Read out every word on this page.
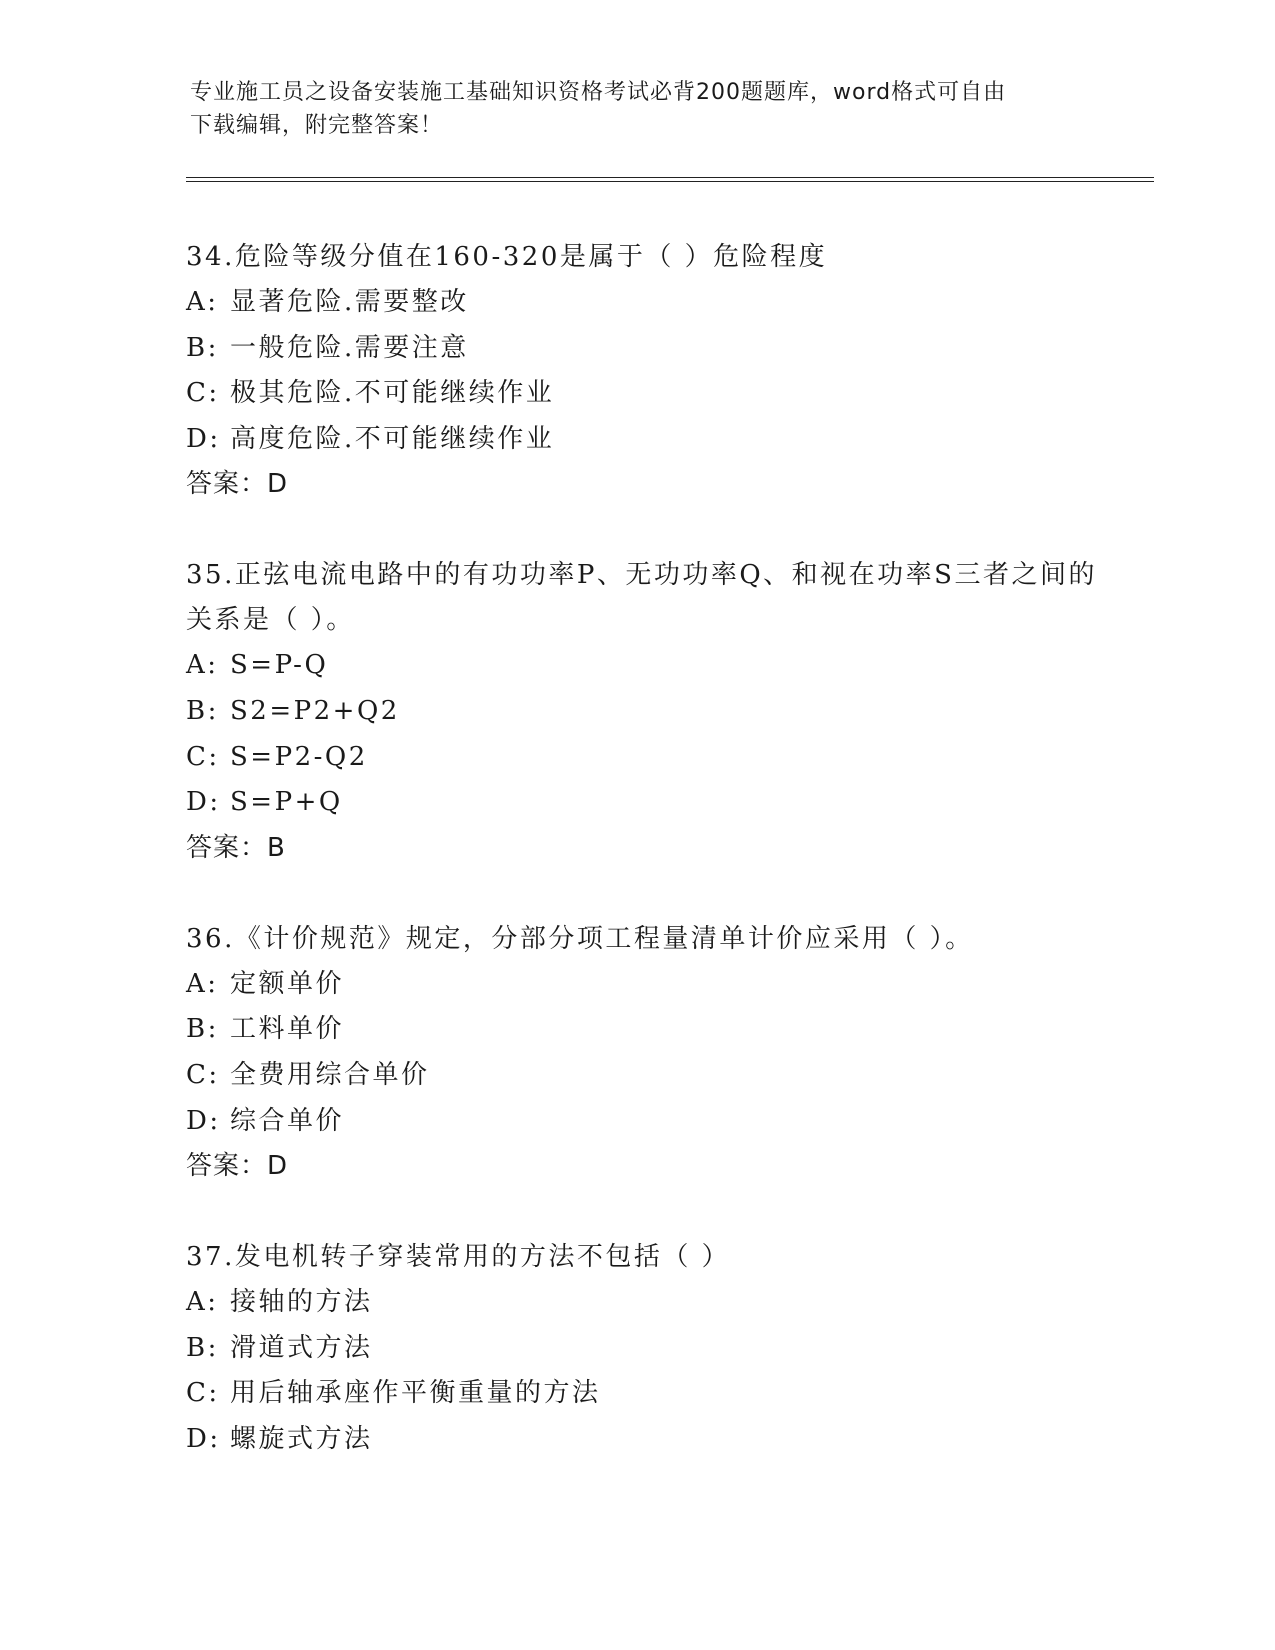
专业施工员之设备安装施工基础知识资格考试必背200题题库，word格式可自由
下载编辑，附完整答案！
34.危险等级分值在160-320是属于（ ）危险程度
A: 显著危险.需要整改
B: 一般危险.需要注意
C: 极其危险.不可能继续作业
D: 高度危险.不可能继续作业
答案：D
35.正弦电流电路中的有功功率P、无功功率Q、和视在功率S三者之间的关系是（ ）。
A: S=P-Q
B: S2=P2+Q2
C: S=P2-Q2
D: S=P+Q
答案：B
36.《计价规范》规定，分部分项工程量清单计价应采用（ ）。
A: 定额单价
B: 工料单价
C: 全费用综合单价
D: 综合单价
答案：D
37.发电机转子穿装常用的方法不包括（ ）
A: 接轴的方法
B: 滑道式方法
C: 用后轴承座作平衡重量的方法
D: 螺旋式方法
